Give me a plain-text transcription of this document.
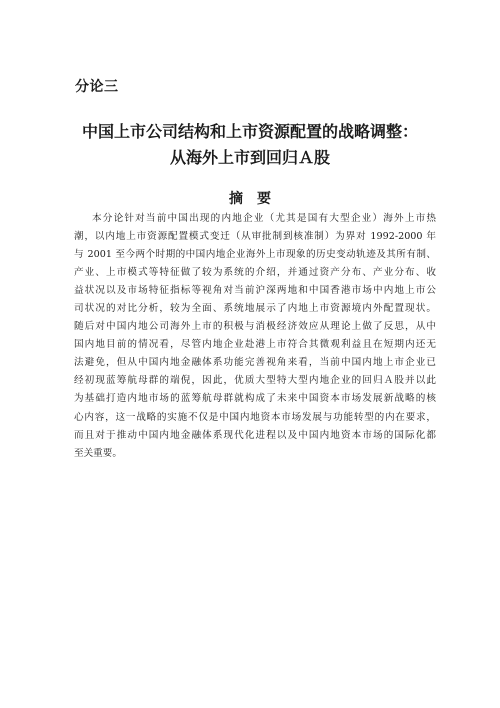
分论三
中国上市公司结构和上市资源配置的战略调整：
从海外上市到回归Ａ股
摘要
本分论针对当前中国出现的内地企业（尤其是国有大型企业）海外上市热
潮，以内地上市资源配置模式变迁（从审批制到核准制）为界对 1992-2000 年
与 2001 至今两个时期的中国内地企业海外上市现象的历史变动轨迹及其所有制、
产业、上市模式等特征做了较为系统的介绍，并通过资产分布、产业分布、收
益状况以及市场特征指标等视角对当前沪深两地和中国香港市场中内地上市公
司状况的对比分析，较为全面、系统地展示了内地上市资源境内外配置现状。
随后对中国内地公司海外上市的积极与消极经济效应从理论上做了反思，从中
国内地目前的情况看，尽管内地企业赴港上市符合其微观利益且在短期内还无
法避免，但从中国内地金融体系功能完善视角来看，当前中国内地上市企业已
经初现蓝筹航母群的端倪，因此，优质大型特大型内地企业的回归Ａ股并以此
为基础打造内地市场的蓝筹航母群就构成了未来中国资本市场发展新战略的核
心内容，这一战略的实施不仅是中国内地资本市场发展与功能转型的内在要求，
而且对于推动中国内地金融体系现代化进程以及中国内地资本市场的国际化都
至关重要。
